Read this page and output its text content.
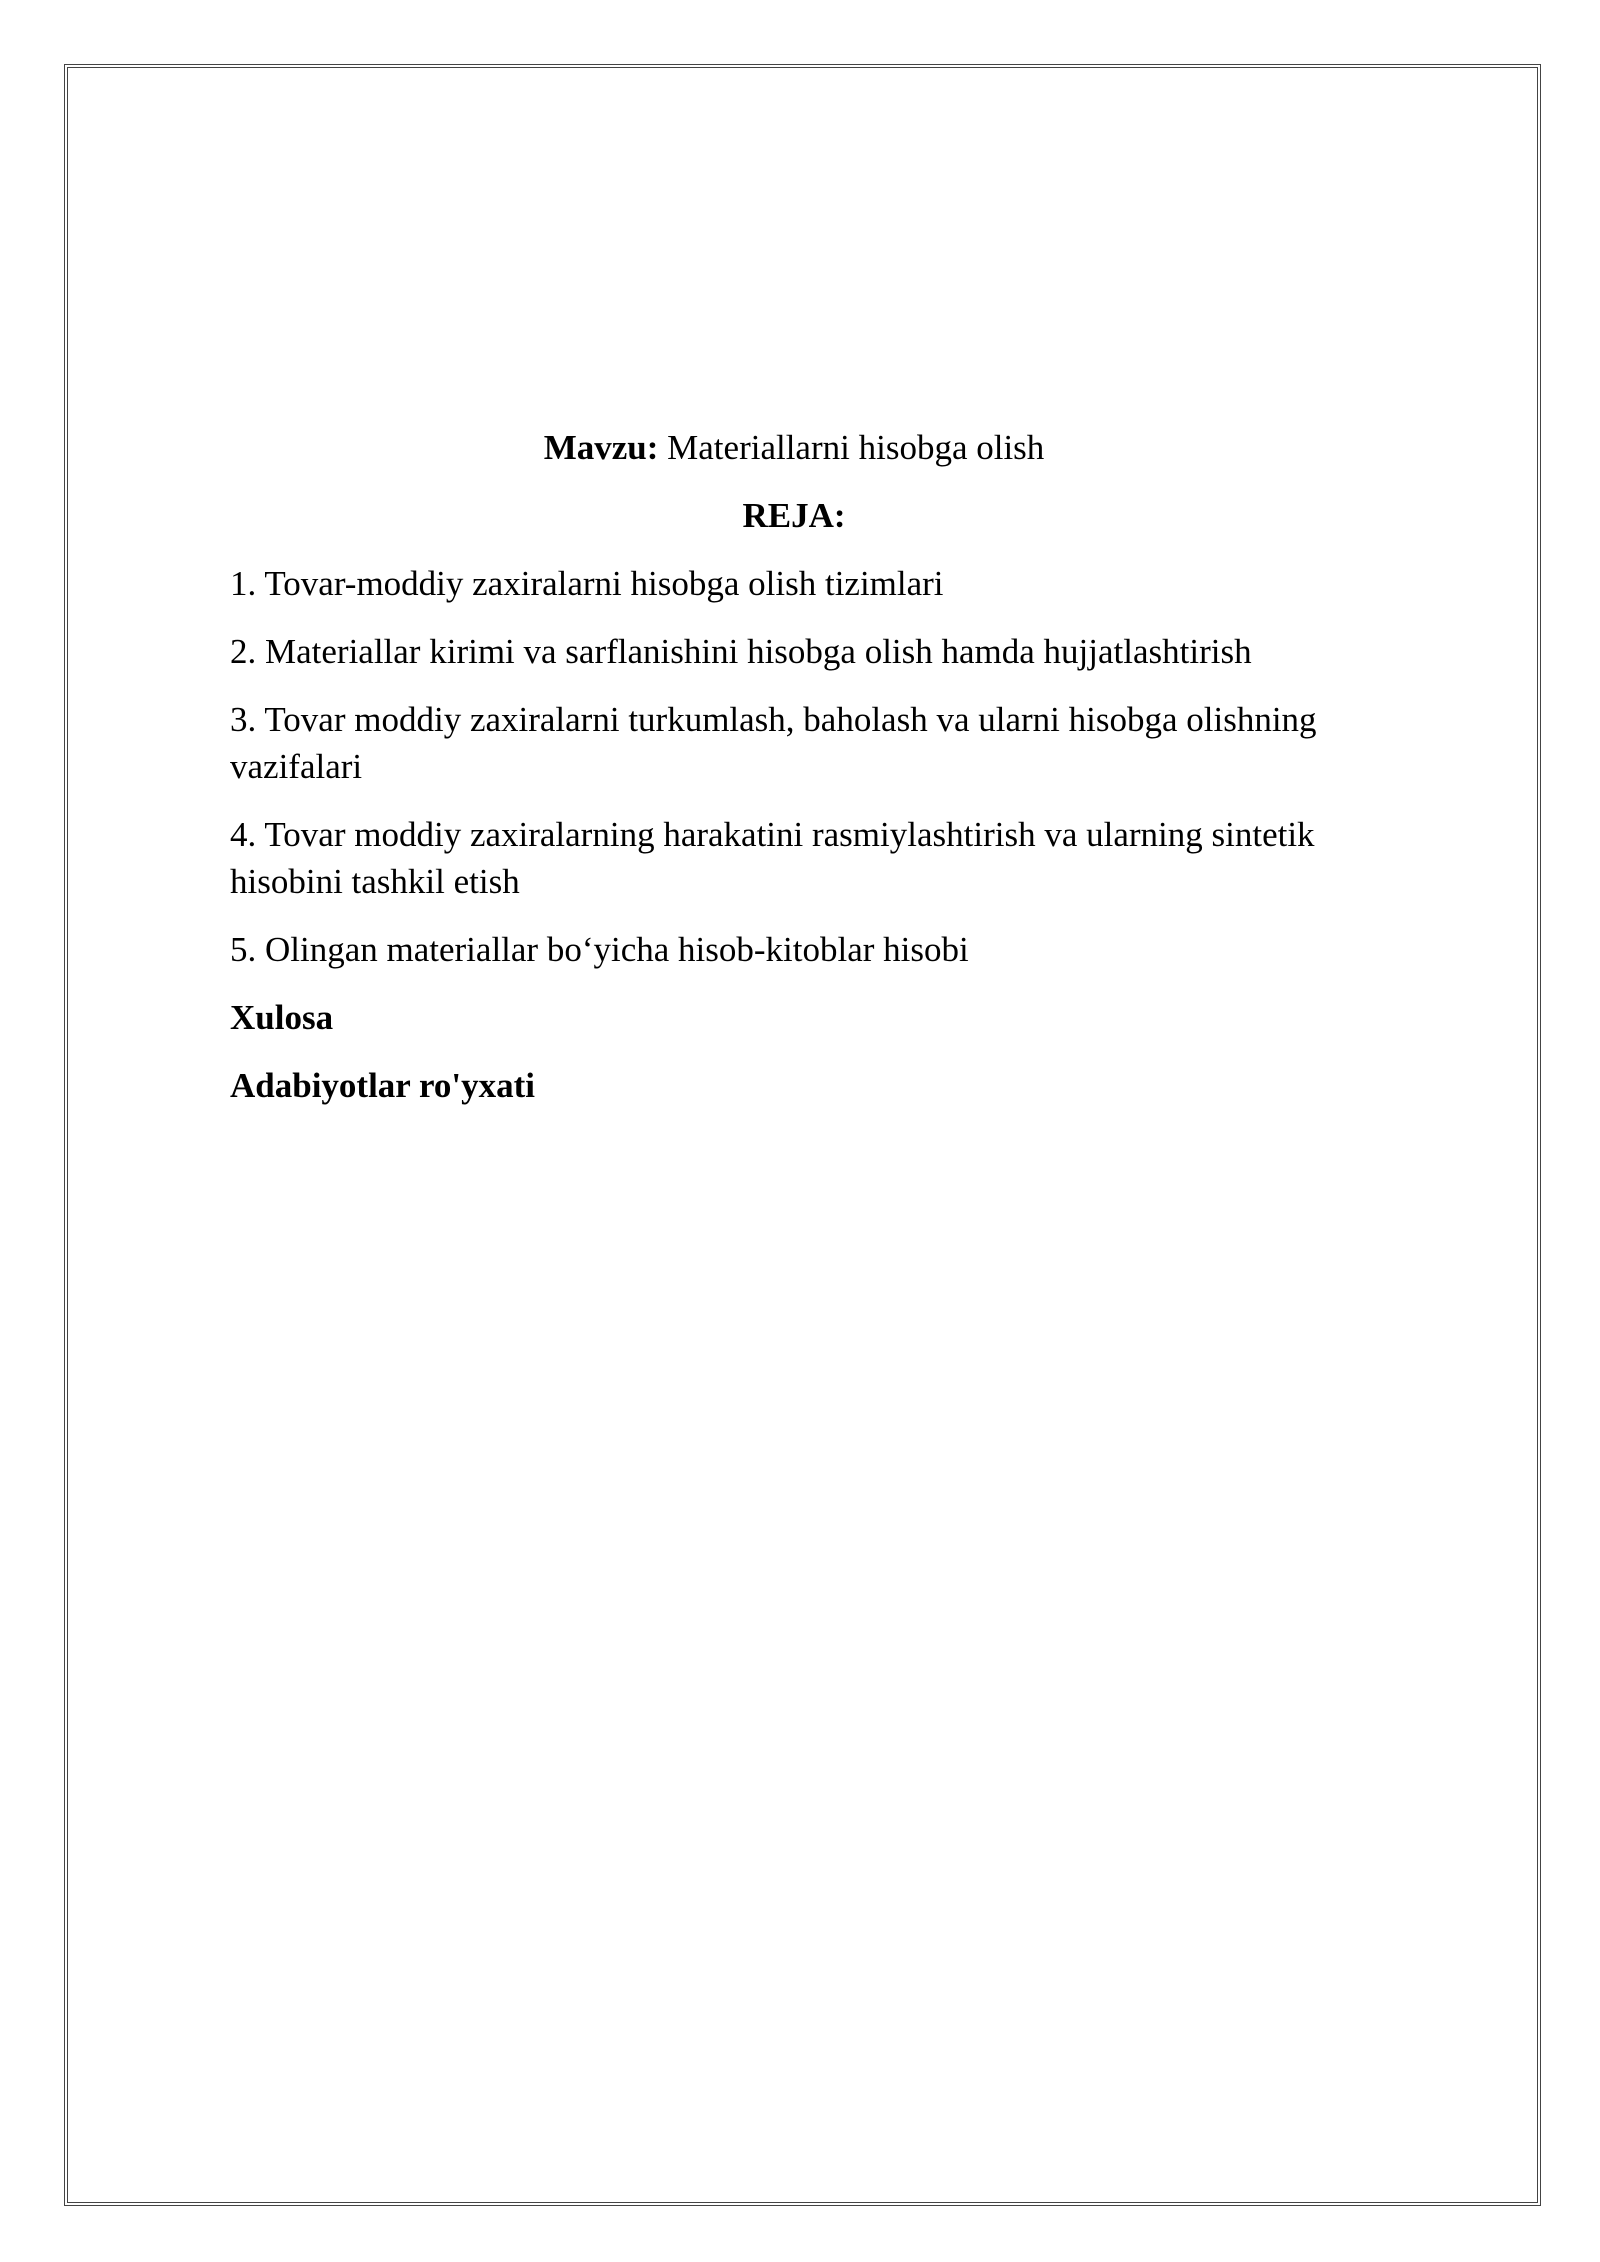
Mavzu: Materiallarni hisobga olish
REJA:
1. Tovar-moddiy zaxiralarni hisobga olish tizimlari
2. Materiallar kirimi va sarflanishini hisobga olish hamda hujjatlashtirish
3. Tovar moddiy zaxiralarni turkumlash, baholash va ularni hisobga olishning vazifalari
4. Tovar moddiy zaxiralarning harakatini rasmiylashtirish va ularning sintetik hisobini tashkil etish
5. Olingan materiallar bo‘yicha hisob-kitoblar hisobi
Xulosa
Adabiyotlar ro'yxati
